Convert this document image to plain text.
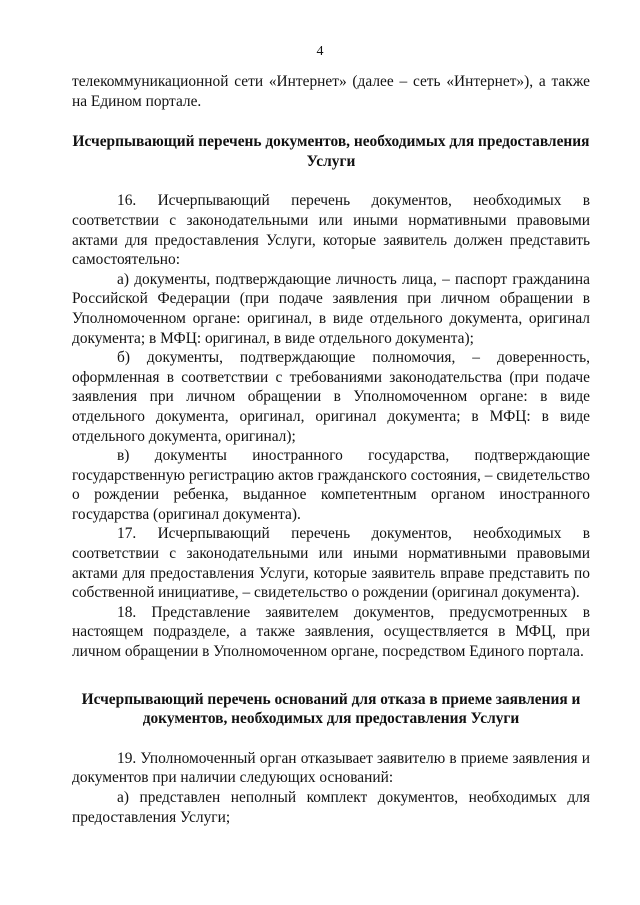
4

телекоммуникационной сети «Интернет» (далее – сеть «Интернет»), а также на Едином портале.

Исчерпывающий перечень документов, необходимых для предоставления Услуги

16. Исчерпывающий перечень документов, необходимых в соответствии с законодательными или иными нормативными правовыми актами для предоставления Услуги, которые заявитель должен представить самостоятельно:

а) документы, подтверждающие личность лица, – паспорт гражданина Российской Федерации (при подаче заявления при личном обращении в Уполномоченном органе: оригинал, в виде отдельного документа, оригинал документа; в МФЦ: оригинал, в виде отдельного документа);

б) документы, подтверждающие полномочия, – доверенность, оформленная в соответствии с требованиями законодательства (при подаче заявления при личном обращении в Уполномоченном органе: в виде отдельного документа, оригинал, оригинал документа; в МФЦ: в виде отдельного документа, оригинал);

в) документы иностранного государства, подтверждающие государственную регистрацию актов гражданского состояния, – свидетельство о рождении ребенка, выданное компетентным органом иностранного государства (оригинал документа).

17. Исчерпывающий перечень документов, необходимых в соответствии с законодательными или иными нормативными правовыми актами для предоставления Услуги, которые заявитель вправе представить по собственной инициативе, – свидетельство о рождении (оригинал документа).

18. Представление заявителем документов, предусмотренных в настоящем подразделе, а также заявления, осуществляется в МФЦ, при личном обращении в Уполномоченном органе, посредством Единого портала.

Исчерпывающий перечень оснований для отказа в приеме заявления и документов, необходимых для предоставления Услуги

19. Уполномоченный орган отказывает заявителю в приеме заявления и документов при наличии следующих оснований:

а) представлен неполный комплект документов, необходимых для предоставления Услуги;
